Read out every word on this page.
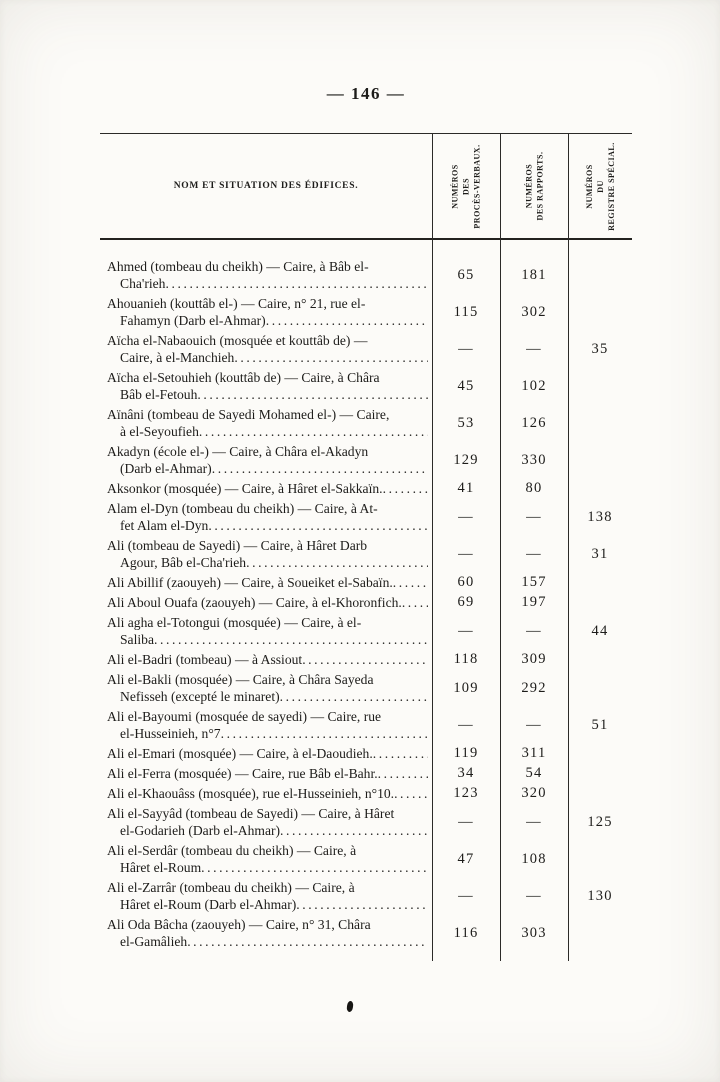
— 146 —
NOM ET SITUATION DES ÉDIFICES.	NUMÉROS DES PROCÈS-VERBAUX.	NUMÉROS DES RAPPORTS.	NUMÉROS DU REGISTRE SPÉCIAL.
Ahmed (tombeau du cheikh) — Caire, à Bâb el-
Cha'rieh
.....
65	181
Ahouanieh (kouttâb el-) — Caire, n° 21, rue el-
Fahamyn (Darb el-Ahmar)
.....
115	302
Aïcha el-Nabaouich (mosquée et kouttâb de) —
Caire, à el-Manchieh
.....
—	—	35
Aïcha el-Setouhieh (kouttâb de) — Caire, à Châra
Bâb el-Fetouh
.....
45	102
Aïnâni (tombeau de Sayedi Mohamed el-) — Caire,
à el-Seyoufieh
.....
53	126
Akadyn (école el-) — Caire, à Châra el-Akadyn
(Darb el-Ahmar)
.....
129	330
Aksonkor (mosquée) — Caire, à Hâret el-Sakkaïn. .....	41	80
Alam el-Dyn (tombeau du cheikh) — Caire, à At-
fet Alam el-Dyn
.....
—	—	138
Ali (tombeau de Sayedi) — Caire, à Hâret Darb
Agour, Bâb el-Cha'rieh
.....
—	—	31
Ali Abillif (zaouyeh) — Caire, à Soueiket el-Sabaïn. .....	60	157
Ali Aboul Ouafa (zaouyeh) — Caire, à el-Khoronfich. .....	69	197
Ali agha el-Totongui (mosquée) — Caire, à el-
Saliba
.....
—	—	44
Ali el-Badri (tombeau) — à Assiout .....	118	309
Ali el-Bakli (mosquée) — Caire, à Châra Sayeda
Nefisseh (excepté le minaret)
.....
109	292
Ali el-Bayoumi (mosquée de sayedi) — Caire, rue
el-Husseinieh, n°7
.....
—	—	51
Ali el-Emari (mosquée) — Caire, à el-Daoudieh. .....	119	311
Ali el-Ferra (mosquée) — Caire, rue Bâb el-Bahr. .....	34	54
Ali el-Khaouâss (mosquée), rue el-Husseinieh, n°10. .....	123	320
Ali el-Sayyâd (tombeau de Sayedi) — Caire, à Hâret
el-Godarieh (Darb el-Ahmar)
.....
—	—	125
Ali el-Serdâr (tombeau du cheikh) — Caire, à
Hâret el-Roum
.....
47	108
Ali el-Zarrâr (tombeau du cheikh) — Caire, à
Hâret el-Roum (Darb el-Ahmar)
.....
—	—	130
Ali Oda Bâcha (zaouyeh) — Caire, n° 31, Châra
el-Gamâlieh
.....
116	303
